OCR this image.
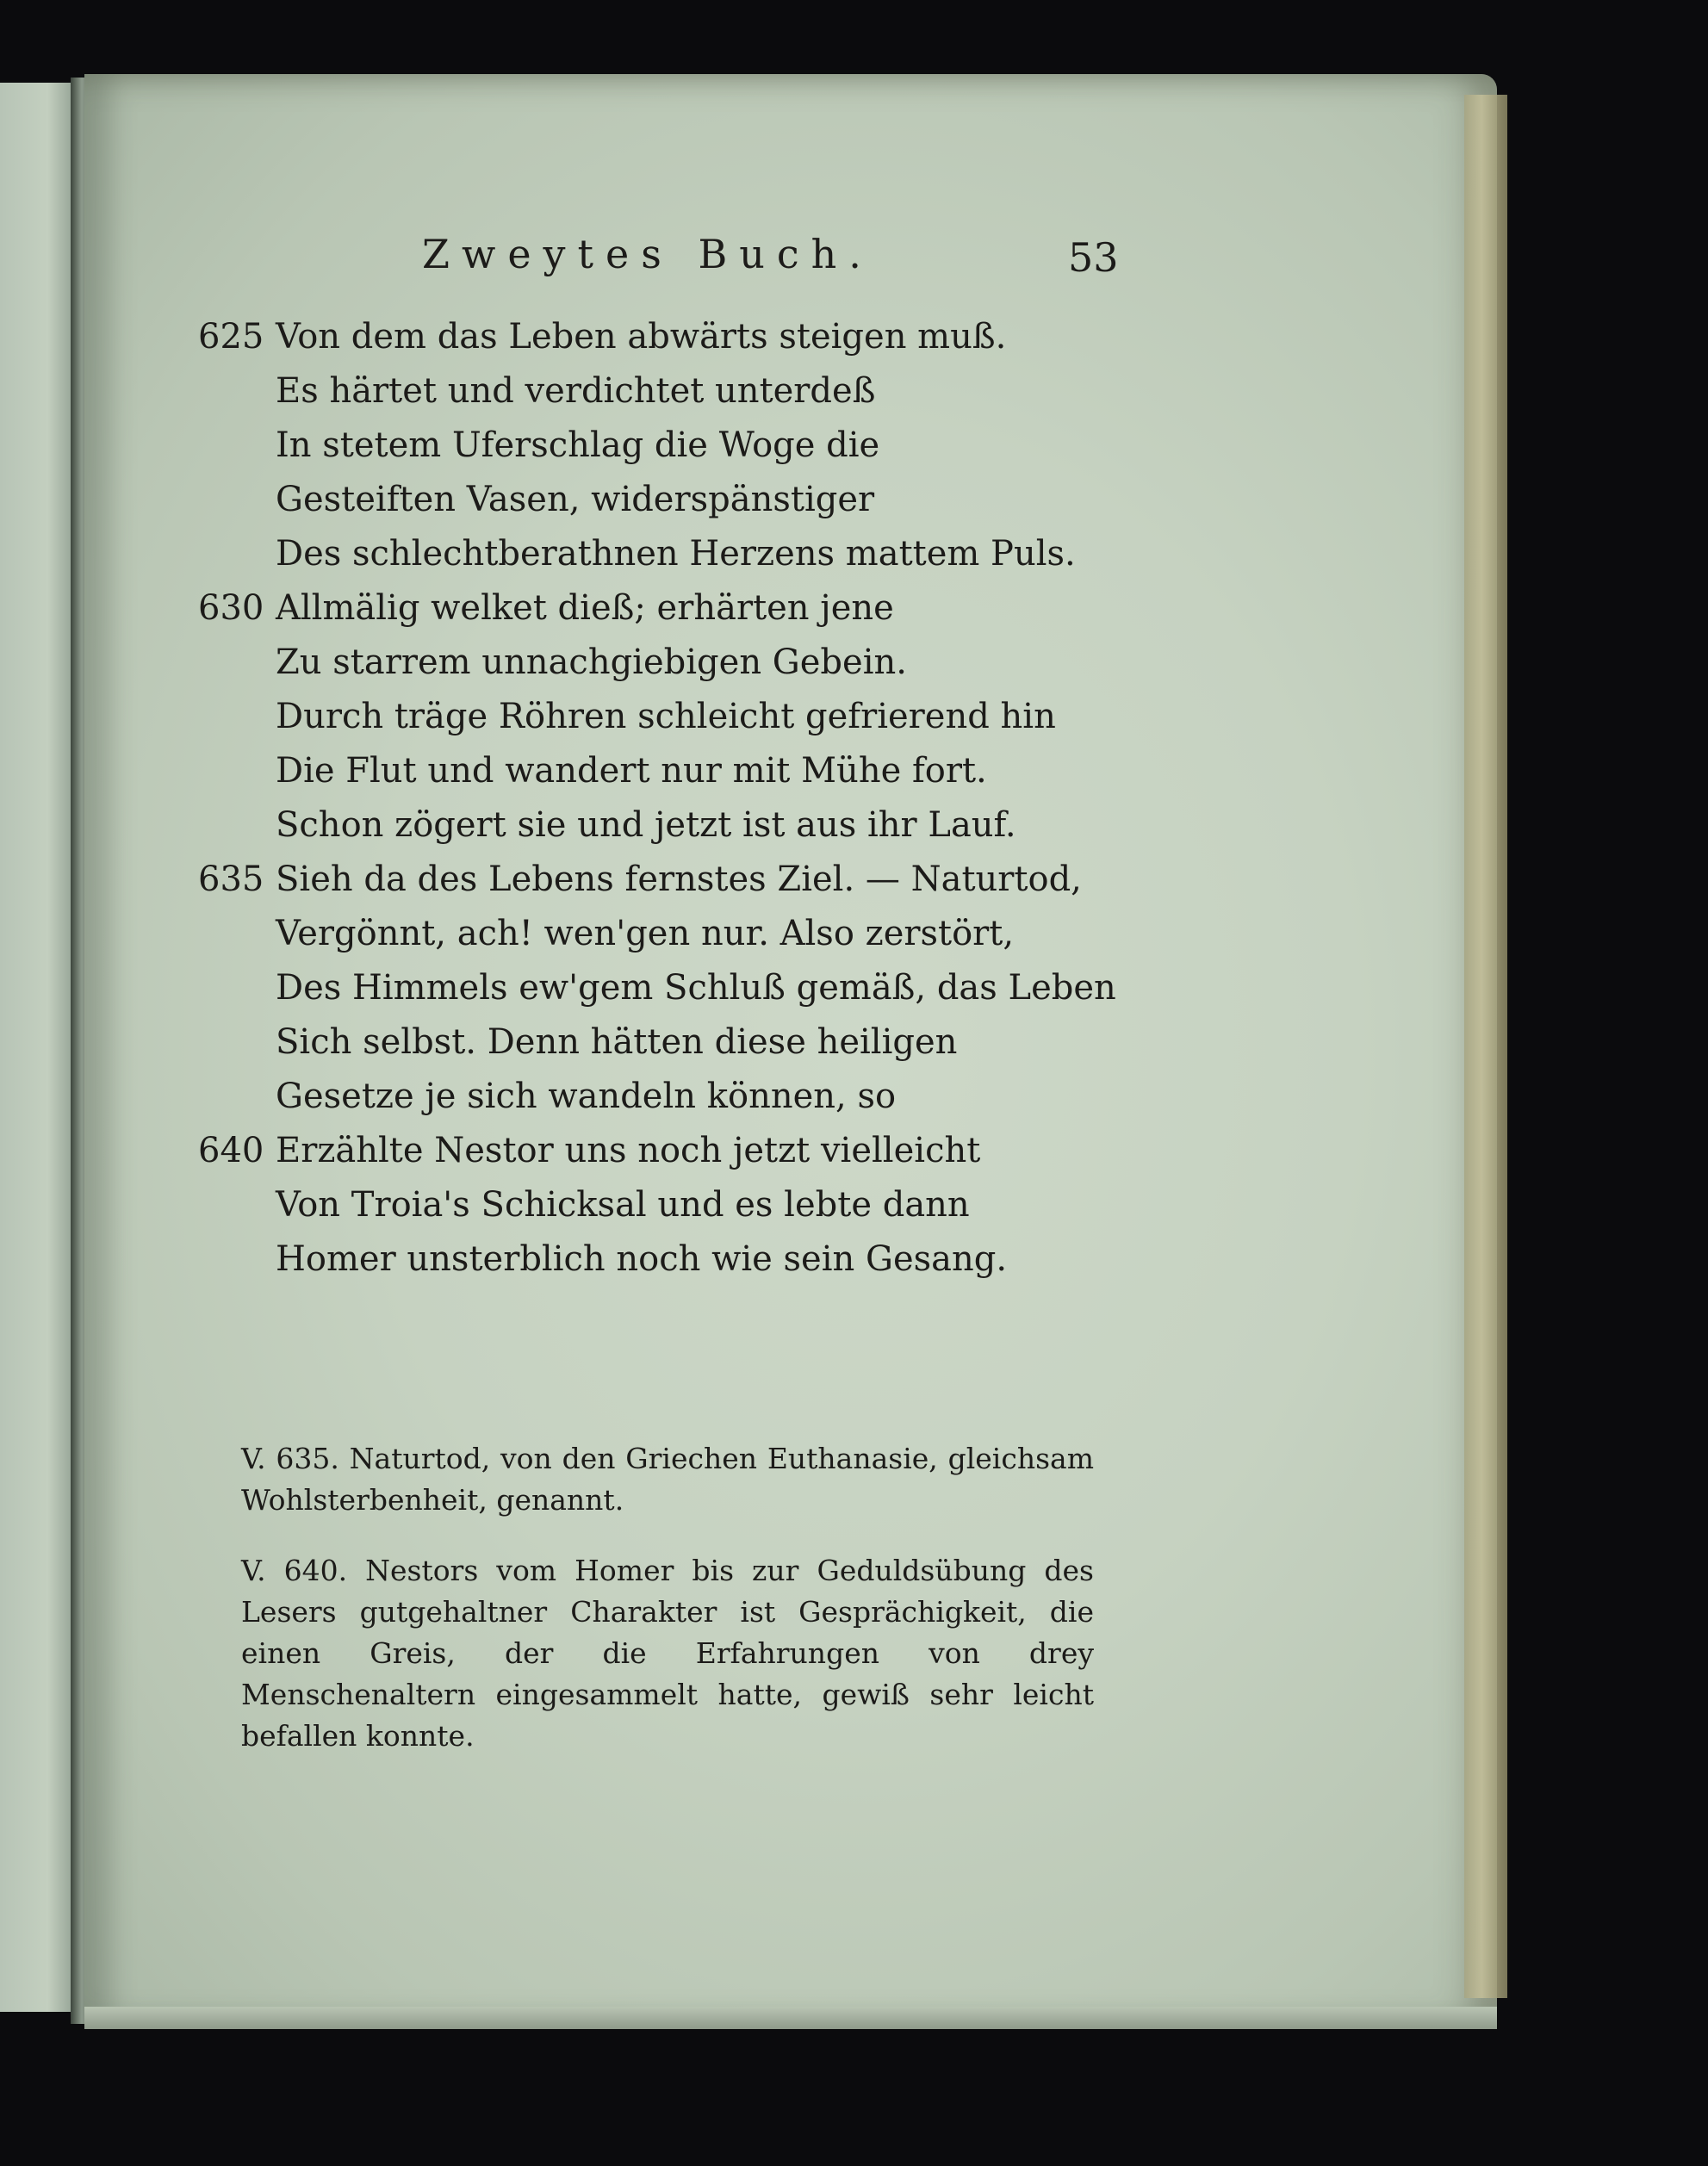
Zweytes Buch.	53
625 Von dem das Leben abwärts steigen muß.
Es härtet und verdichtet unterdeß
In stetem Uferschlag die Woge die
Gesteiften Vasen, widerspänstiger
Des schlechtberathnen Herzens mattem Puls.
630 Allmälig welket dieß; erhärten jene
Zu starrem unnachgiebigen Gebein.
Durch träge Röhren schleicht gefrierend hin
Die Flut und wandert nur mit Mühe fort.
Schon zögert sie und jetzt ist aus ihr Lauf.
635 Sieh da des Lebens fernstes Ziel. — Naturtod,
Vergönnt, ach! wen'gen nur. Also zerstört,
Des Himmels ew'gem Schluß gemäß, das Leben
Sich selbst. Denn hätten diese heiligen
Gesetze je sich wandeln können, so
640 Erzählte Nestor uns noch jetzt vielleicht
Von Troia's Schicksal und es lebte dann
Homer unsterblich noch wie sein Gesang.
V. 635. Naturtod, von den Griechen Euthanasie, gleichsam Wohlsterbenheit, genannt.
V. 640. Nestors vom Homer bis zur Geduldsübung des Lesers gutgehaltner Charakter ist Gesprächigkeit, die einen Greis, der die Erfahrungen von drey Menschenaltern eingesammelt hatte, gewiß sehr leicht befallen konnte.
